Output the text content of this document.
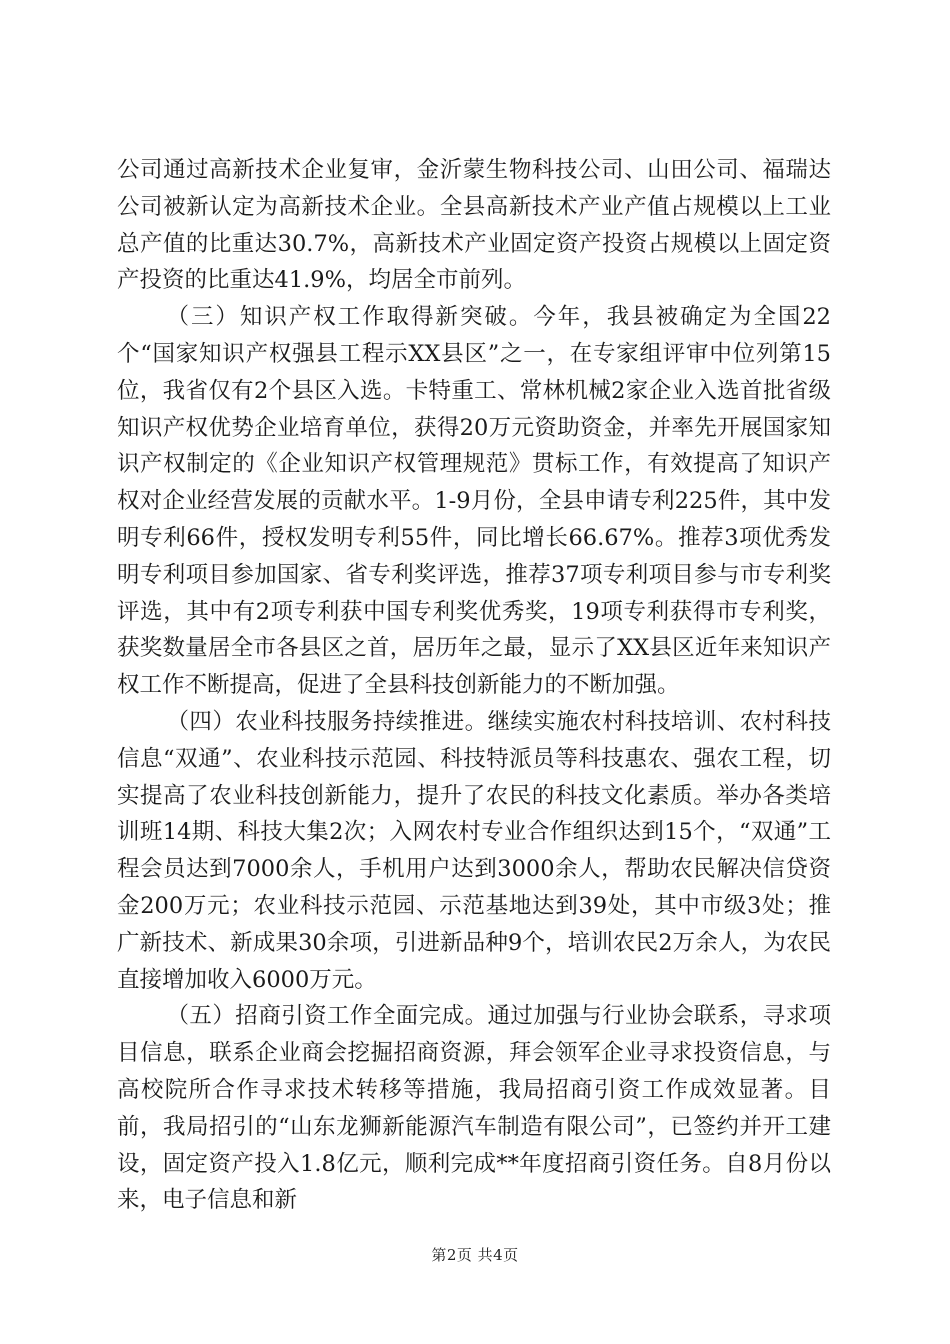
公司通过高新技术企业复审，金沂蒙生物科技公司、山田公司、福瑞达公司被新认定为高新技术企业。全县高新技术产业产值占规模以上工业总产值的比重达30.7%，高新技术产业固定资产投资占规模以上固定资产投资的比重达41.9%，均居全市前列。

（三）知识产权工作取得新突破。今年，我县被确定为全国22个“国家知识产权强县工程示XX县区”之一，在专家组评审中位列第15位，我省仅有2个县区入选。卡特重工、常林机械2家企业入选首批省级知识产权优势企业培育单位，获得20万元资助资金，并率先开展国家知识产权制定的《企业知识产权管理规范》贯标工作，有效提高了知识产权对企业经营发展的贡献水平。1-9月份，全县申请专利225件，其中发明专利66件，授权发明专利55件，同比增长66.67%。推荐3项优秀发明专利项目参加国家、省专利奖评选，推荐37项专利项目参与市专利奖评选，其中有2项专利获中国专利奖优秀奖，19项专利获得市专利奖，获奖数量居全市各县区之首，居历年之最，显示了XX县区近年来知识产权工作不断提高，促进了全县科技创新能力的不断加强。

（四）农业科技服务持续推进。继续实施农村科技培训、农村科技信息“双通”、农业科技示范园、科技特派员等科技惠农、强农工程，切实提高了农业科技创新能力，提升了农民的科技文化素质。举办各类培训班14期、科技大集2次；入网农村专业合作组织达到15个，“双通”工程会员达到7000余人，手机用户达到3000余人，帮助农民解决信贷资金200万元；农业科技示范园、示范基地达到39处，其中市级3处；推广新技术、新成果30余项，引进新品种9个，培训农民2万余人，为农民直接增加收入6000万元。

（五）招商引资工作全面完成。通过加强与行业协会联系，寻求项目信息，联系企业商会挖掘招商资源，拜会领军企业寻求投资信息，与高校院所合作寻求技术转移等措施，我局招商引资工作成效显著。目前，我局招引的“山东龙狮新能源汽车制造有限公司”，已签约并开工建设，固定资产投入1.8亿元，顺利完成**年度招商引资任务。自8月份以来，电子信息和新

第2页 共4页
